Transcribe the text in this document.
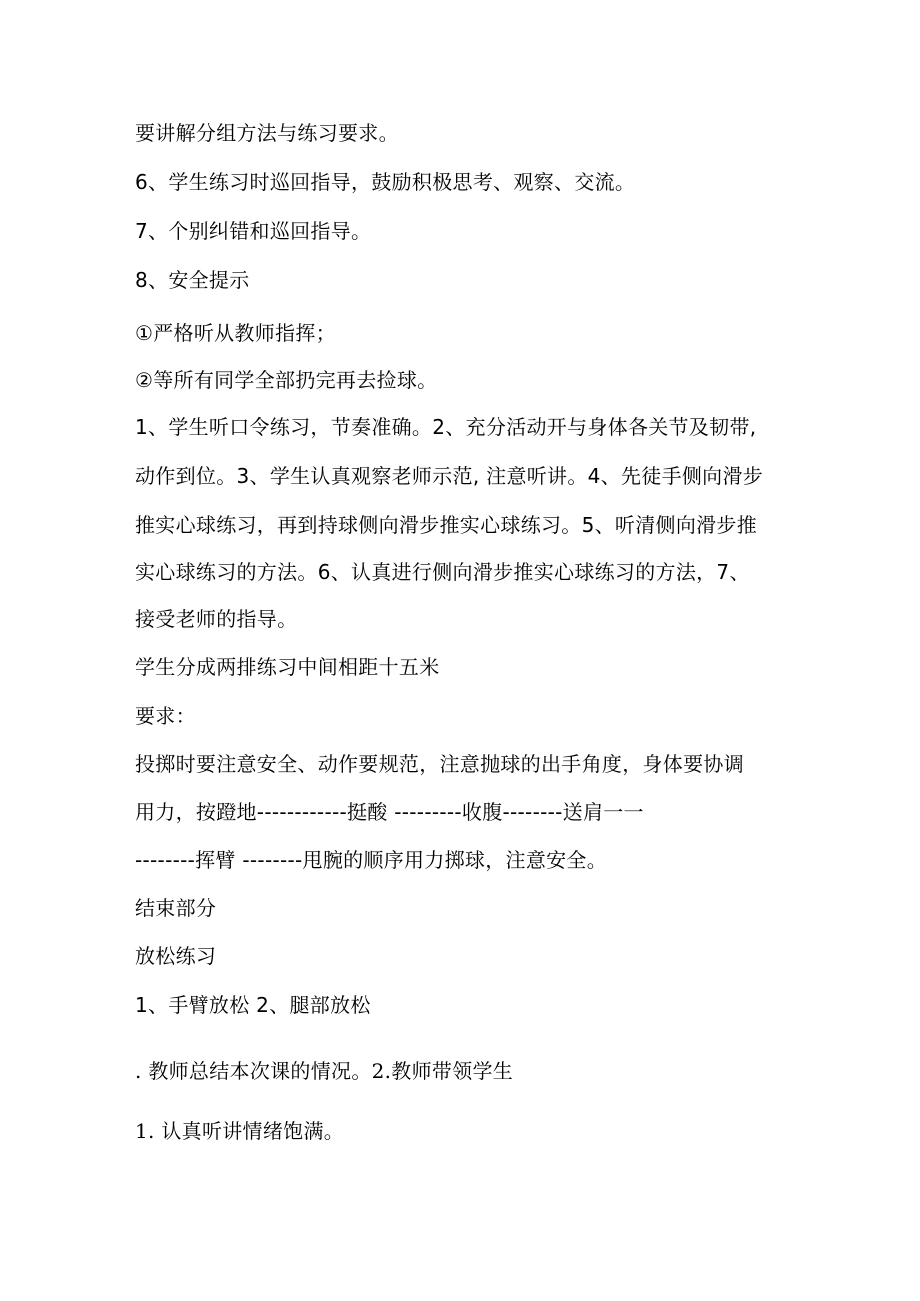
要讲解分组方法与练习要求。
6、学生练习时巡回指导，鼓励积极思考、观察、交流。
7、个别纠错和巡回指导。
8、安全提示
①严格听从教师指挥；
②等所有同学全部扔完再去捡球。
1、学生听口令练习，节奏准确。2、充分活动开与身体各关节及韧带,
动作到位。3、学生认真观察老师示范, 注意听讲。4、先徒手侧向滑步
推实心球练习，再到持球侧向滑步推实心球练习。5、听清侧向滑步推
实心球练习的方法。6、认真进行侧向滑步推实心球练习的方法，7、
接受老师的指导。
学生分成两排练习中间相距十五米
要求：
投掷时要注意安全、动作要规范，注意抛球的出手角度，身体要协调
用力，按蹬地------------挺酸 ---------收腹--------送肩一一
--------挥臂 --------甩腕的顺序用力掷球，注意安全。
结束部分
放松练习
1、手臂放松 2、腿部放松
. 教师总结本次课的情况。2.教师带领学生
1. 认真听讲情绪饱满。
